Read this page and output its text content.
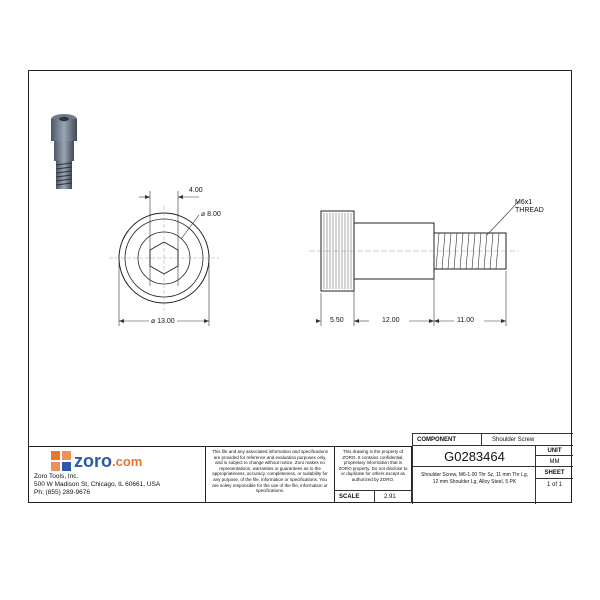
4.00
⌀ 8.00
⌀ 13.00
M6x1
THREAD
5.50	12.00	11.00
zoro .com
Zoro Tools, Inc.
500 W Madison St, Chicago, IL 60661, USA
Ph: (855) 289-9676
This file and any associated information and specifications are provided for reference and evaluation purposes only, and is subject to change without notice. Zoro makes no representations, warranties or guarantees as to the appropriateness, accuracy, completeness, or suitability for any purpose, of the file, information or specifications. You are solely responsible for the use of the file, information or specifications.
This drawing is the property of ZORO. It contains confidential, proprietary information that is ZORO property. Do not disclose to or duplicate for others except as authorized by ZORO.
SCALE	2.91
COMPONENT	Shoulder Screw
G0283464
Shoulder Screw, M6-1.00 Thr Sz, 11 mm Thr Lg, 12 mm Shoulder Lg, Alloy Steel, 5 PK
UNIT
MM
SHEET
1 of 1
